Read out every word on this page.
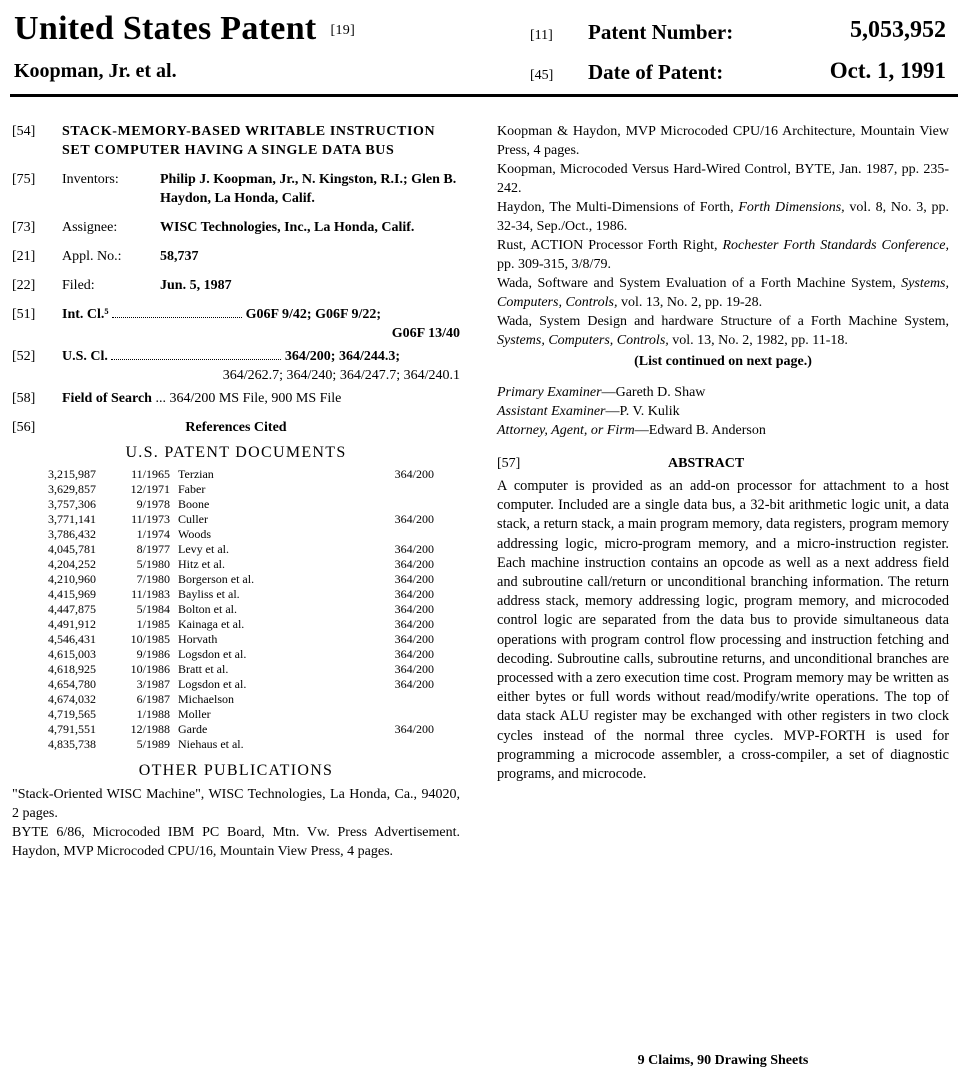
United States Patent [19]
Koopman, Jr. et al.
[11] Patent Number:	5,053,952
[45] Date of Patent:	Oct. 1, 1991
[54]	STACK-MEMORY-BASED WRITABLE INSTRUCTION SET COMPUTER HAVING A SINGLE DATA BUS
[75]	Inventors:	Philip J. Koopman, Jr., N. Kingston, R.I.; Glen B. Haydon, La Honda, Calif.
[73]	Assignee:	WISC Technologies, Inc., La Honda, Calif.
[21]	Appl. No.:	58,737
[22]	Filed:	Jun. 5, 1987
[51]	Int. Cl.⁵	G06F 9/42; G06F 9/22;

G06F 13/40
[52]	U.S. Cl.	364/200; 364/244.3;

364/262.7; 364/240; 364/247.7; 364/240.1
[58]	Field of Search ... 364/200 MS File, 900 MS File
[56]	References Cited
U.S. PATENT DOCUMENTS
3,215,987	11/1965	Terzian	364/200
3,629,857	12/1971	Faber	
3,757,306	9/1978	Boone	
3,771,141	11/1973	Culler	364/200
3,786,432	1/1974	Woods	
4,045,781	8/1977	Levy et al.	364/200
4,204,252	5/1980	Hitz et al.	364/200
4,210,960	7/1980	Borgerson et al.	364/200
4,415,969	11/1983	Bayliss et al.	364/200
4,447,875	5/1984	Bolton et al.	364/200
4,491,912	1/1985	Kainaga et al.	364/200
4,546,431	10/1985	Horvath	364/200
4,615,003	9/1986	Logsdon et al.	364/200
4,618,925	10/1986	Bratt et al.	364/200
4,654,780	3/1987	Logsdon et al.	364/200
4,674,032	6/1987	Michaelson	
4,719,565	1/1988	Moller	
4,791,551	12/1988	Garde	364/200
4,835,738	5/1989	Niehaus et al.	
OTHER PUBLICATIONS

"Stack-Oriented WISC Machine", WISC Technologies, La Honda, Ca., 94020, 2 pages.

BYTE 6/86, Microcoded IBM PC Board, Mtn. Vw. Press Advertisement. Haydon, MVP Microcoded CPU/16, Mountain View Press, 4 pages.

Koopman & Haydon, MVP Microcoded CPU/16 Architecture, Mountain View Press, 4 pages.

Koopman, Microcoded Versus Hard-Wired Control, BYTE, Jan. 1987, pp. 235-242.

Haydon, The Multi-Dimensions of Forth, Forth Dimensions, vol. 8, No. 3, pp. 32-34, Sep./Oct., 1986.

Rust, ACTION Processor Forth Right, Rochester Forth Standards Conference, pp. 309-315, 3/8/79.

Wada, Software and System Evaluation of a Forth Machine System, Systems, Computers, Controls, vol. 13, No. 2, pp. 19-28.

Wada, System Design and hardware Structure of a Forth Machine System, Systems, Computers, Controls, vol. 13, No. 2, 1982, pp. 11-18.

(List continued on next page.)

Primary Examiner—Gareth D. Shaw

Assistant Examiner—P. V. Kulik

Attorney, Agent, or Firm—Edward B. Anderson

[57]	ABSTRACT
A computer is provided as an add-on processor for attachment to a host computer. Included are a single data bus, a 32-bit arithmetic logic unit, a data stack, a return stack, a main program memory, data registers, program memory addressing logic, micro-program memory, and a micro-instruction register. Each machine instruction contains an opcode as well as a next address field and subroutine call/return or unconditional branching information. The return address stack, memory addressing logic, program memory, and microcoded control logic are separated from the data bus to provide simultaneous data operations with program control flow processing and instruction fetching and decoding. Subroutine calls, subroutine returns, and unconditional branches are processed with a zero execution time cost. Program memory may be written as either bytes or full words without read/modify/write operations. The top of data stack ALU register may be exchanged with other registers in two clock cycles instead of the normal three cycles. MVP-FORTH is used for programming a microcode assembler, a cross-compiler, a set of diagnostic programs, and microcode.
9 Claims, 90 Drawing Sheets
